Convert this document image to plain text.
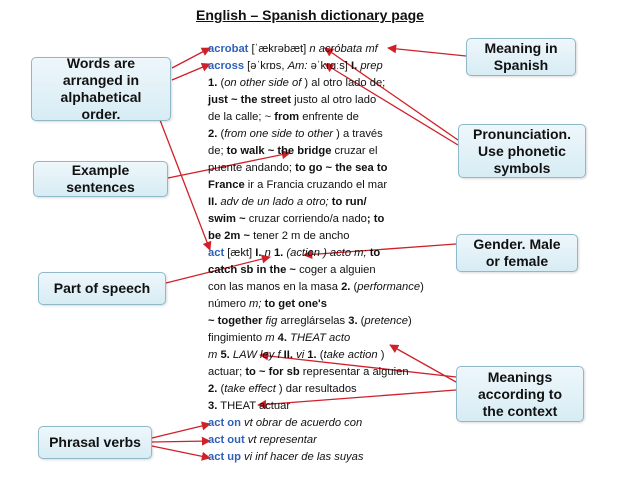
English – Spanish dictionary page
acrobat [ˈækrəbæt] n acróbata mf
across [əˈkrɒs, Am: əˈkrɑːs] I. prep
1. (on other side of ) al otro lado de;
just ~ the street justo al otro lado
de la calle; ~ from enfrente de
2. (from one side to other ) a través
de; to walk ~ the bridge cruzar el
puente andando; to go ~ the sea to
France ir a Francia cruzando el mar
II. adv de un lado a otro; to run/
swim ~ cruzar corriendo/a nado; to
be 2m ~ tener 2 m de ancho
act [ækt] I. n 1. (action ) acto m; to
catch sb in the ~ coger a alguien
con las manos en la masa 2. (performance)
número m; to get one's
~ together fig arreglárselas 3. (pretence)
fingimiento m 4. THEAT acto
m 5. LAW ley f II. vi 1. (take action )
actuar; to ~ for sb representar a alguien
2. (take effect ) dar resultados
3. THEAT actuar
act on vt obrar de acuerdo con
act out vt representar
act up vi inf hacer de las suyas
Words are
arranged in
alphabetical
order.
Meaning in
Spanish
Pronunciation.
Use phonetic
symbols
Example
sentences
Gender. Male
or female
Part of speech
Meanings
according to
the context
Phrasal verbs
